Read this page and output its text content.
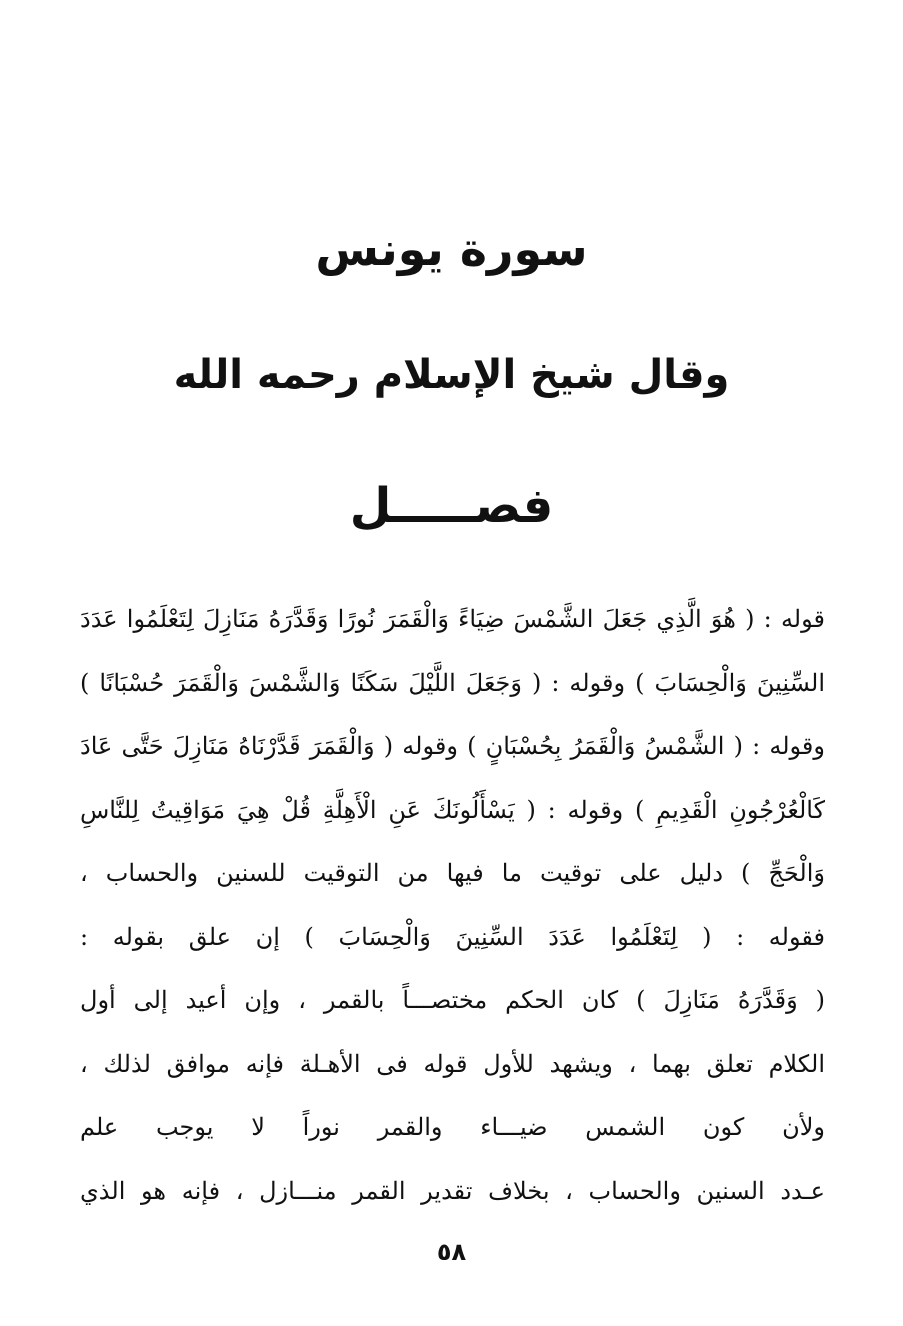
سورة يونس
وقال شيخ الإسلام رحمه الله
فصـــــل
قوله : ( هُوَ الَّذِي جَعَلَ الشَّمْسَ ضِيَاءً وَالْقَمَرَ نُورًا وَقَدَّرَهُ مَنَازِلَ لِتَعْلَمُوا عَدَدَ
السِّنِينَ وَالْحِسَابَ ) وقوله : ( وَجَعَلَ اللَّيْلَ سَكَنًا وَالشَّمْسَ وَالْقَمَرَ حُسْبَانًا )
وقوله : ( الشَّمْسُ وَالْقَمَرُ بِحُسْبَانٍ ) وقوله ( وَالْقَمَرَ قَدَّرْنَاهُ مَنَازِلَ حَتَّى عَادَ
كَالْعُرْجُونِ الْقَدِيمِ ) وقوله : ( يَسْأَلُونَكَ عَنِ الْأَهِلَّةِ قُلْ هِيَ مَوَاقِيتُ لِلنَّاسِ
وَالْحَجِّ ) دليل على توقيت ما فيها من التوقيت للسنين والحساب ،
فقوله : ( لِتَعْلَمُوا عَدَدَ السِّنِينَ وَالْحِسَابَ ) إن علق بقوله :
( وَقَدَّرَهُ مَنَازِلَ ) كان الحكم مختصـــاً بالقمر ، وإن أعيد إلى أول
الكلام تعلق بهما ، ويشهد للأول قوله فى الأهـلة فإنه موافق لذلك ،
ولأن كون الشمس ضيـــاء والقمر نوراً لا يوجب علم
عـدد السنين والحساب ، بخلاف تقدير القمر منـــازل ، فإنه هو الذي
٥٨
